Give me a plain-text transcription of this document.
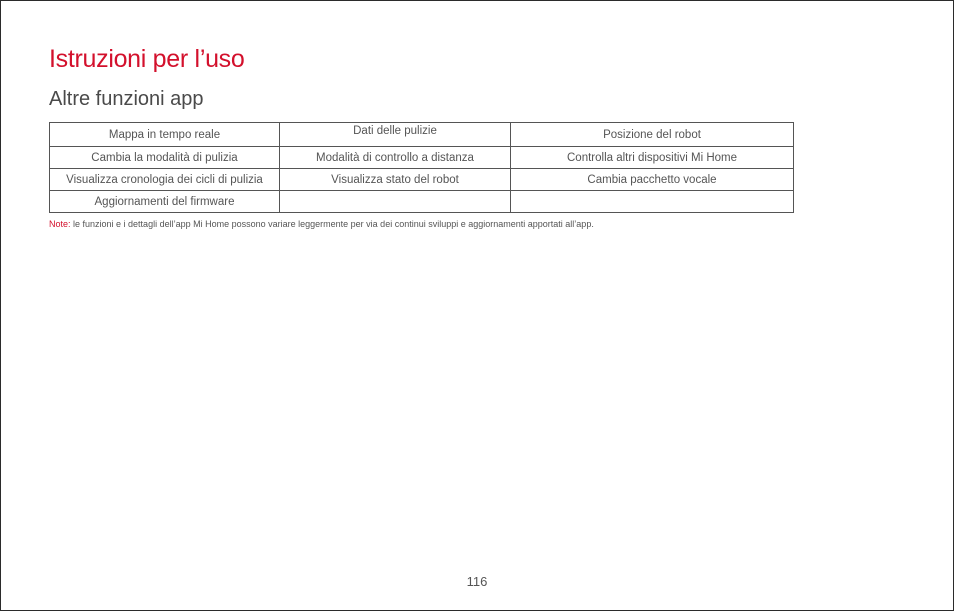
Istruzioni per l’uso
Altre funzioni app
Mappa in tempo reale	Dati delle pulizie	Posizione del robot
Cambia la modalità di pulizia	Modalità di controllo a distanza	Controlla altri dispositivi Mi Home
Visualizza cronologia dei cicli di pulizia	Visualizza stato del robot	Cambia pacchetto vocale
Aggiornamenti del firmware		

Note: le funzioni e i dettagli dell’app Mi Home possono variare leggermente per via dei continui sviluppi e aggiornamenti apportati all’app.

116
